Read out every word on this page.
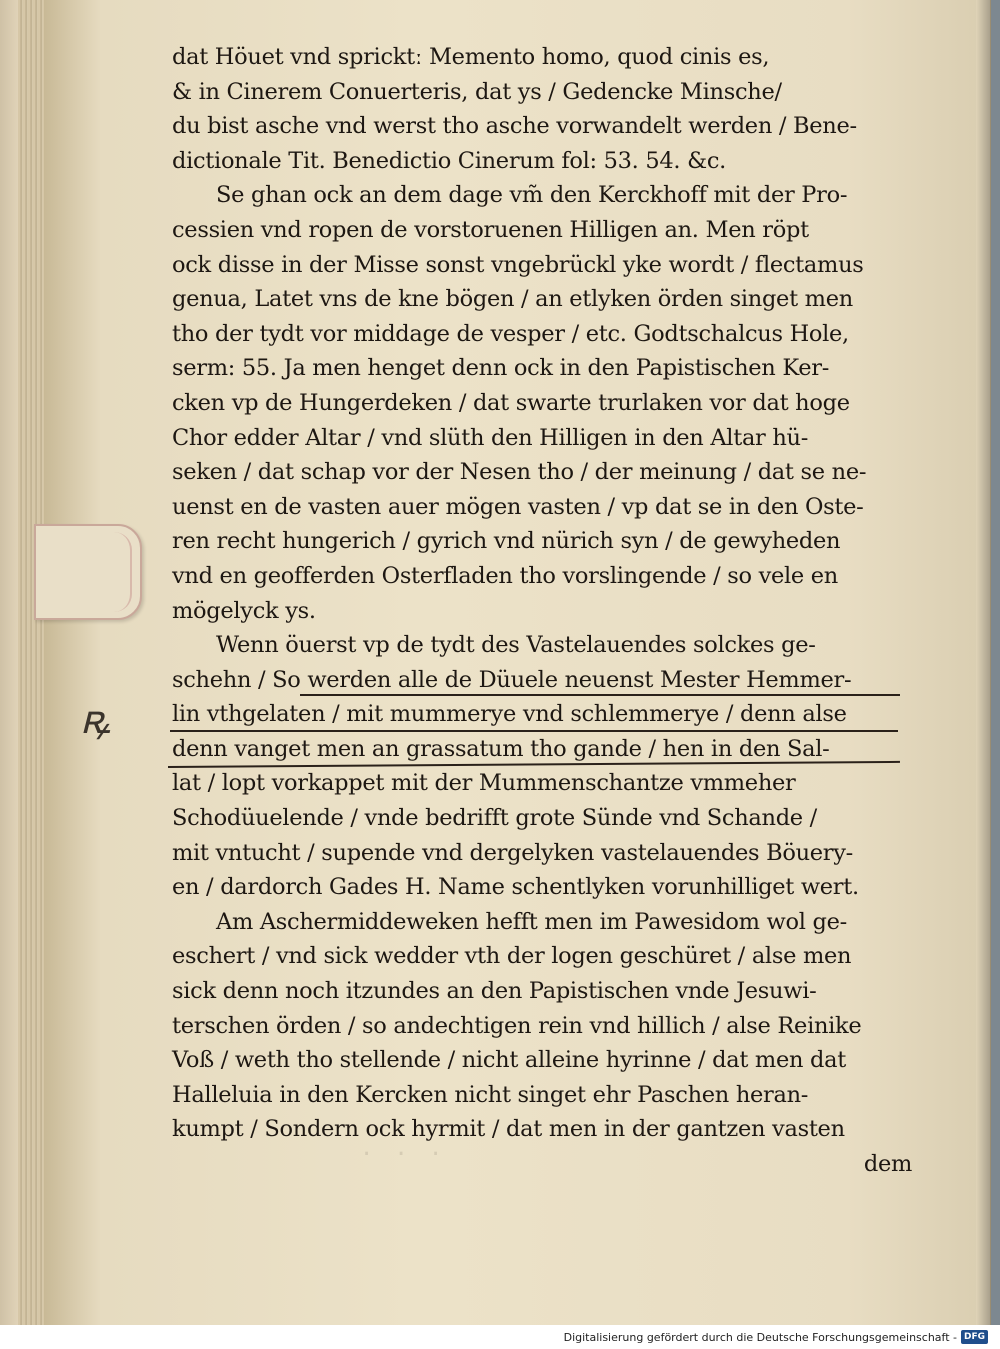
ꝶ
dat Höuet vnd spricktː Memento homo, quod cinis es,
& in Cinerem Conuerteris, dat ys / Gedencke Minsche/
du bist asche vnd werst tho asche vorwandelt werden / Bene-
dictionale Tit. Benedictio Cinerum fol: 53. 54. &c.
Se ghan ock an dem dage vm̃ den Kerckhoff mit der Pro-
cessien vnd ropen de vorstoruenen Hilligen an. Men röpt
ock disse in der Misse sonst vngebrückl yke wordt / flectamus
genua, Latet vns de kne bögen / an etlyken örden singet men
tho der tydt vor middage de vesper / etc. Godtschalcus Hole,
serm: 55. Ja men henget denn ock in den Papistischen Ker-
cken vp de Hungerdeken / dat swarte trurlaken vor dat hoge
Chor edder Altar / vnd slüth den Hilligen in den Altar hü-
seken / dat schap vor der Nesen tho / der meinung / dat se ne-
uenst en de vasten auer mögen vasten / vp dat se in den Oste-
ren recht hungerich / gyrich vnd nürich syn / de gewyheden
vnd en geofferden Osterfladen tho vorslingende / so vele en
mögelyck ys.
Wenn öuerst vp de tydt des Vastelauendes solckes ge-
schehn / So werden alle de Düuele neuenst Mester Hemmer-
lin vthgelaten / mit mummerye vnd schlemmerye / denn alse
denn vanget men an grassatum tho gande / hen in den Sal-
lat / lopt vorkappet mit der Mummenschantze vmmeher
Schodüuelende / vnde bedrifft grote Sünde vnd Schande /
mit vntucht / supende vnd dergelyken vastelauendes Böuery-
en / dardorch Gades H. Name schentlyken vorunhilliget wert.
Am Aschermiddeweken hefft men im Pawesidom wol ge-
eschert / vnd sick wedder vth der logen geschüret / alse men
sick denn noch itzundes an den Papistischen vnde Jesuwi-
terschen örden / so andechtigen rein vnd hillich / alse Reinike
Voß / weth tho stellende / nicht alleine hyrinne / dat men dat
Halleluia in den Kercken nicht singet ehr Paschen heran-
kumpt / Sondern ock hyrmit / dat men in der gantzen vasten
dem
· · ·
Digitalisierung gefördert durch die Deutsche Forschungsgemeinschaft - DFG
